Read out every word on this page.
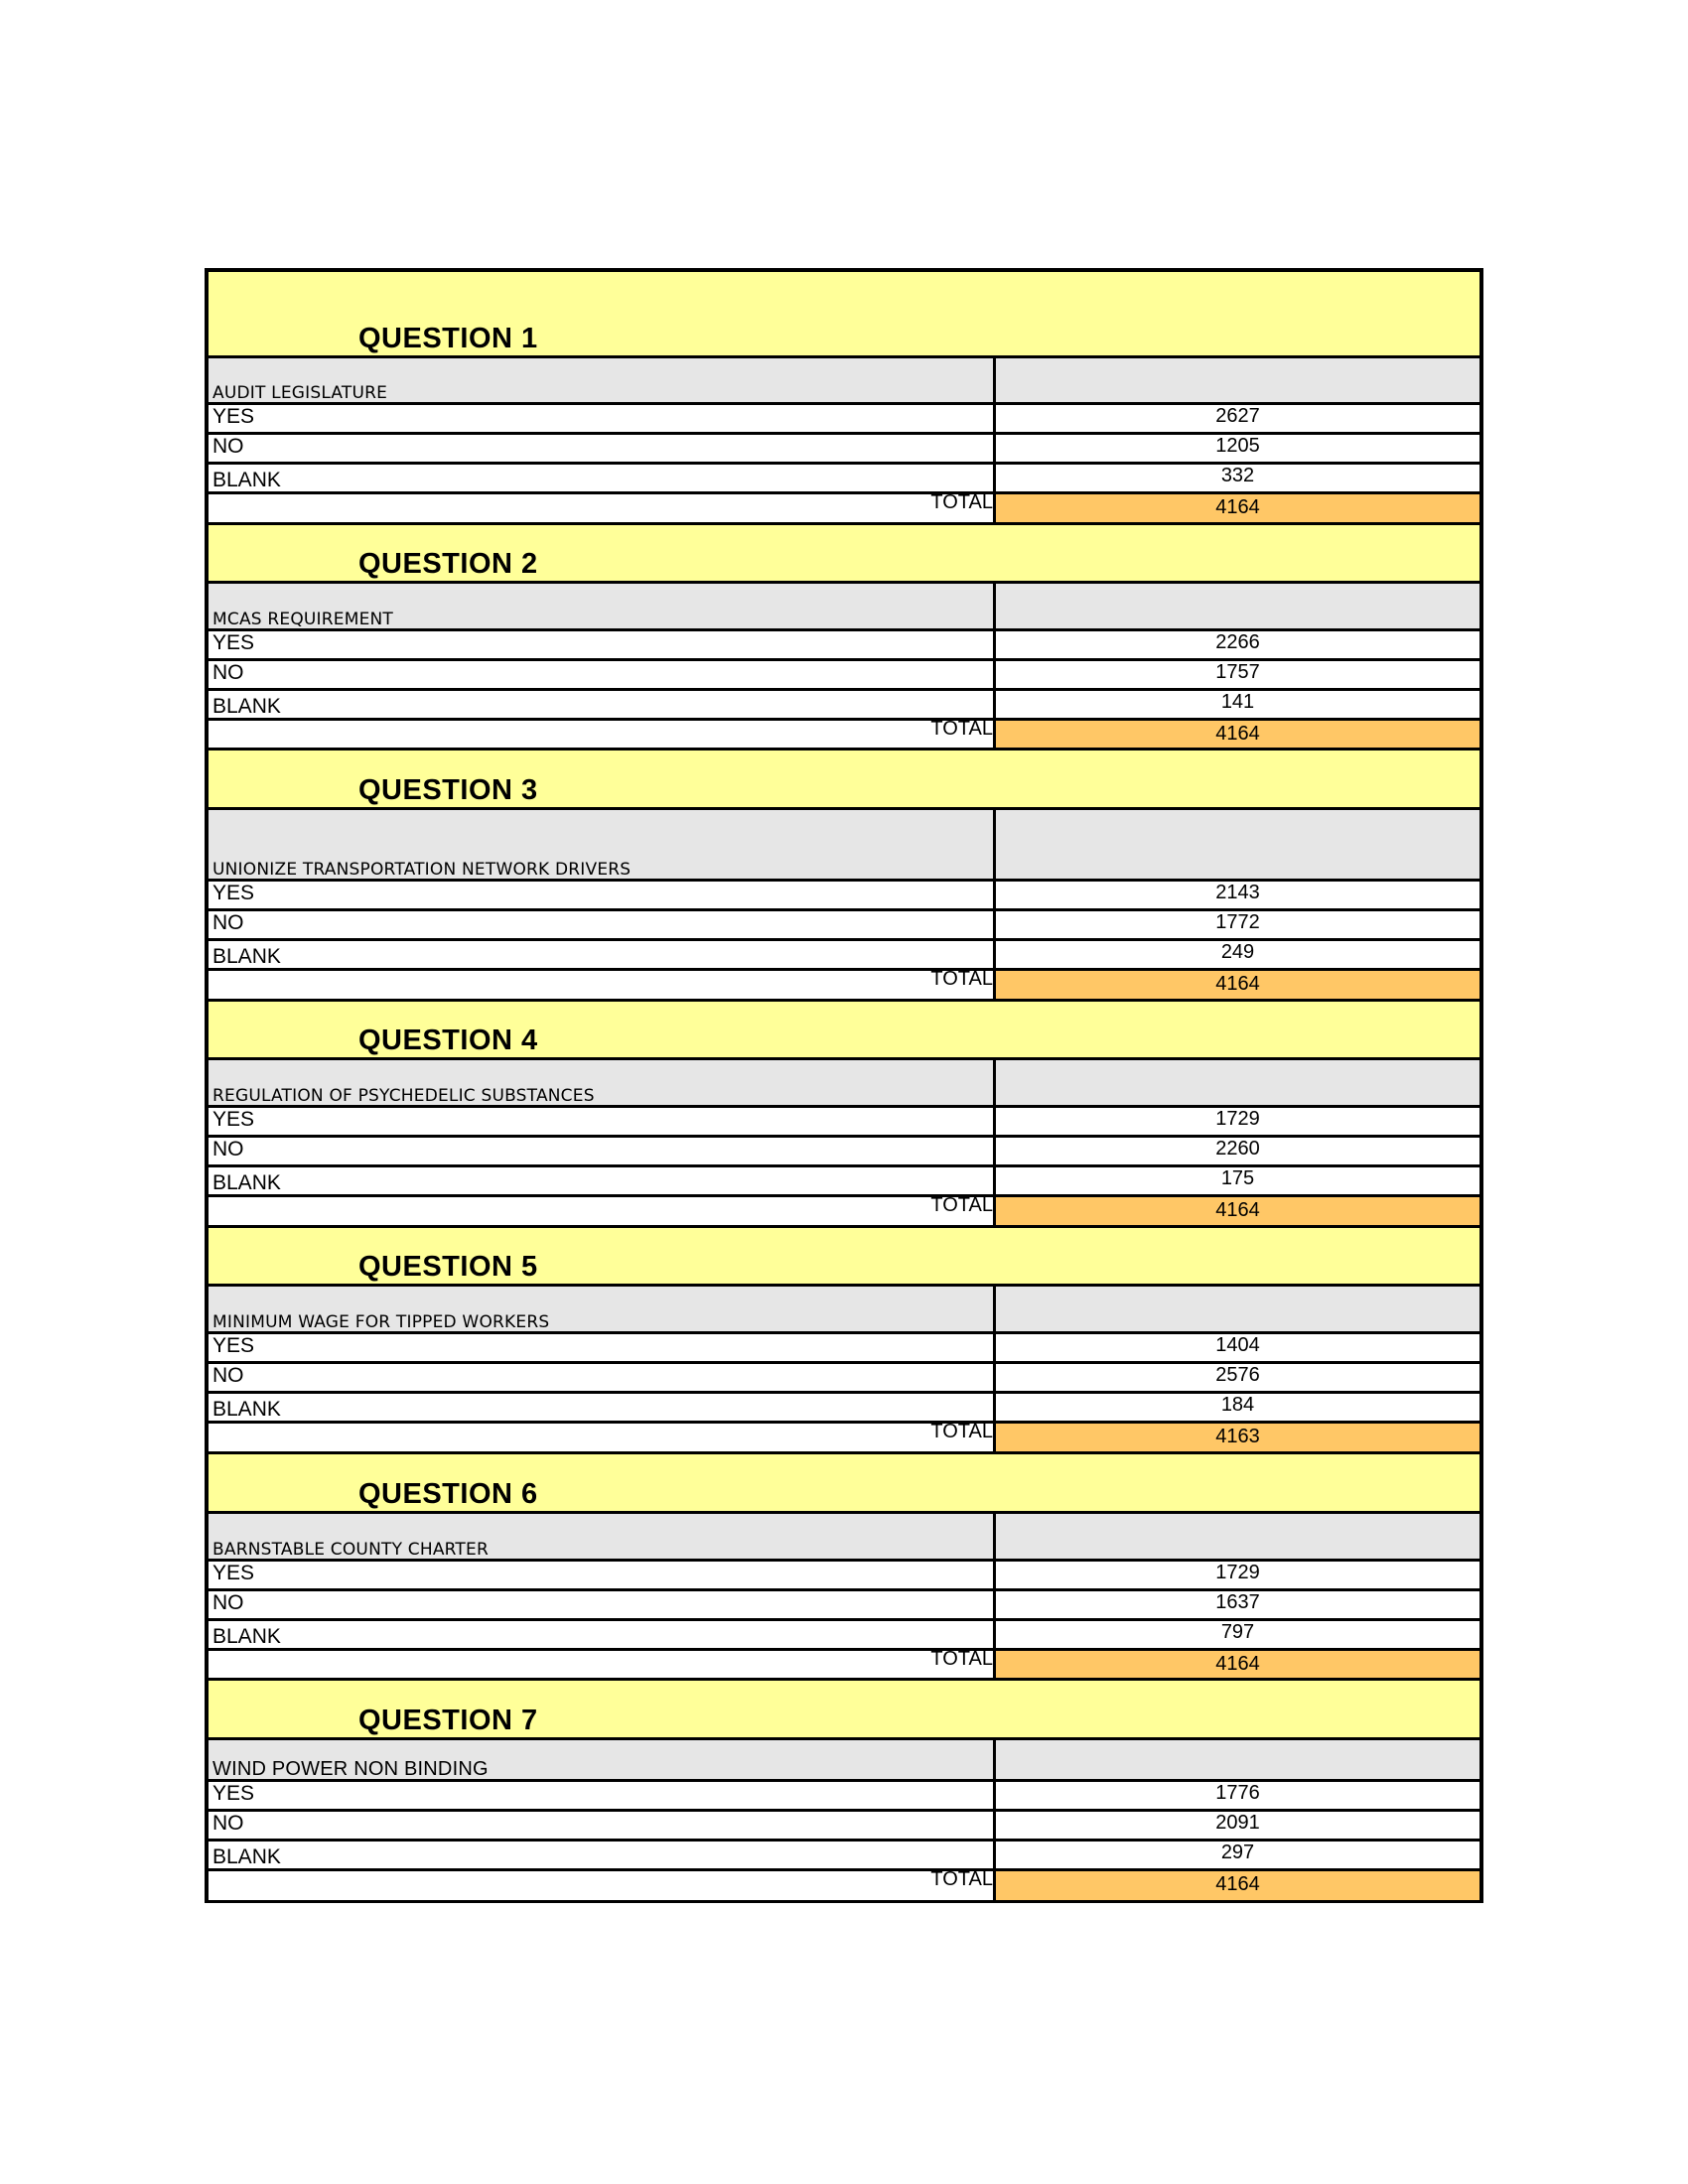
QUESTION 1
AUDIT LEGISLATURE
YES	2627
NO	1205
BLANK	332
TOTAL	4164
QUESTION 2
MCAS REQUIREMENT
YES	2266
NO	1757
BLANK	141
TOTAL	4164
QUESTION 3
UNIONIZE TRANSPORTATION NETWORK DRIVERS
YES	2143
NO	1772
BLANK	249
TOTAL	4164
QUESTION 4
REGULATION OF PSYCHEDELIC SUBSTANCES
YES	1729
NO	2260
BLANK	175
TOTAL	4164
QUESTION 5
MINIMUM WAGE FOR TIPPED WORKERS
YES	1404
NO	2576
BLANK	184
TOTAL	4163
QUESTION 6
BARNSTABLE COUNTY CHARTER
YES	1729
NO	1637
BLANK	797
TOTAL	4164
QUESTION 7
WIND POWER NON BINDING
YES	1776
NO	2091
BLANK	297
TOTAL	4164
